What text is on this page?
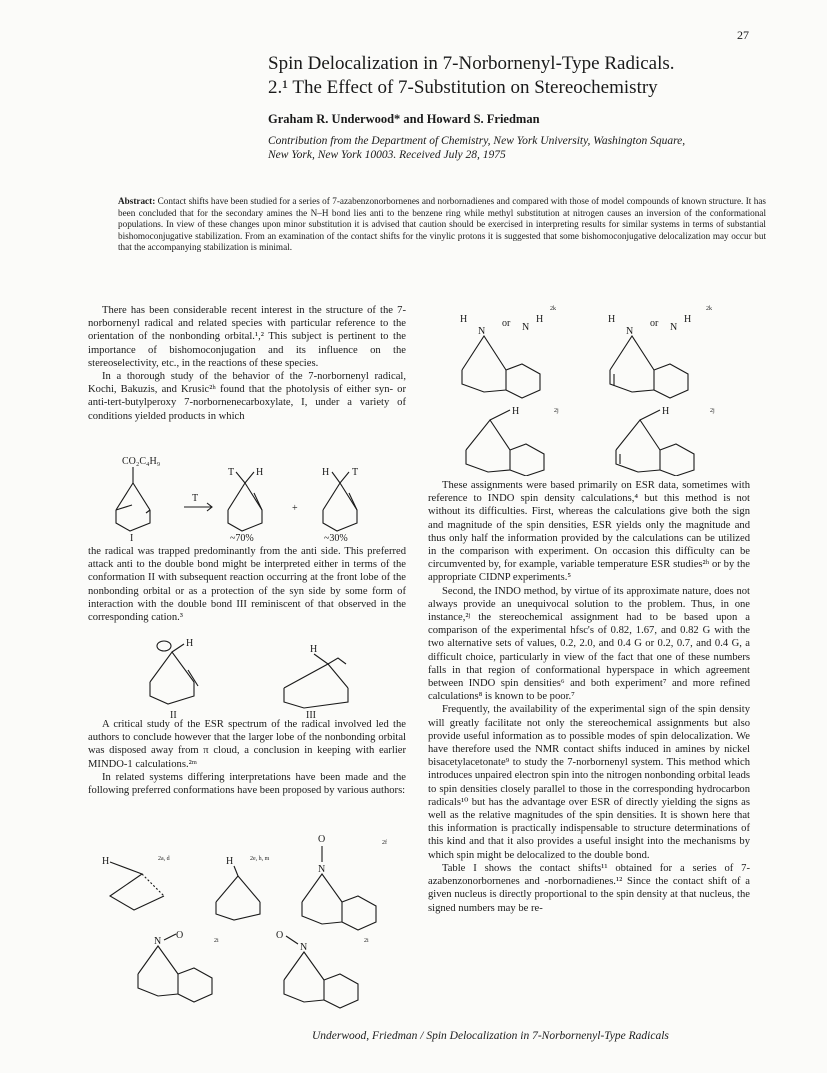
27

Spin Delocalization in 7-Norbornenyl-Type Radicals.

2.¹ The Effect of 7-Substitution on Stereochemistry

Graham R. Underwood* and Howard S. Friedman
Contribution from the Department of Chemistry, New York University, Washington Square,
New York, New York 10003. Received July 28, 1975
Abstract: Contact shifts have been studied for a series of 7-azabenzonorbornenes and norbornadienes and compared with those of model compounds of known structure. It has been concluded that for the secondary amines the N–H bond lies anti to the benzene ring while methyl substitution at nitrogen causes an inversion of the conformational populations. In view of these changes upon minor substitution it is advised that caution should be exercised in interpreting results for similar systems in terms of substantial bishomoconjugative stabilization. From an examination of the contact shifts for the vinylic protons it is suggested that some bishomoconjugative delocalization may occur but that the accompanying stabilization is minimal.

There has been considerable recent interest in the structure of the 7-norbornenyl radical and related species with particular reference to the orientation of the nonbonding orbital.¹,² This subject is pertinent to the importance of bishomoconjugation and its influence on the stereoselectivity, etc., in the reactions of these species.

In a thorough study of the behavior of the 7-norbornenyl radical, Kochi, Bakuzis, and Krusic²ʰ found that the photolysis of either syn- or anti-tert-butylperoxy 7-norbornenecarboxylate, I, under a variety of conditions yielded products in which

CO₂C₄H₉
I
T
T H
~70%
+
H T
~30%

the radical was trapped predominantly from the anti side. This preferred attack anti to the double bond might be interpreted either in terms of the conformation II with subsequent reaction occurring at the front lobe of the nonbonding orbital or as a protection of the syn side by some form of interaction with the double bond III reminiscent of that observed in the corresponding cation.³

H
II
H
III

A critical study of the ESR spectrum of the radical involved led the authors to conclude however that the larger lobe of the nonbonding orbital was disposed away from π cloud, a conclusion in keeping with earlier MINDO-1 calculations.²ᵐ

In related systems differing interpretations have been made and the following preferred conformations have been proposed by various authors:

H	2a, d	H	2e, h, m
O	2f
N
N
O	2i	O
N
2i
H
N
or N
H
2k
H
N
or N
H
2k
H	2j	H	2j

These assignments were based primarily on ESR data, sometimes with reference to INDO spin density calculations,⁴ but this method is not without its difficulties. First, whereas the calculations give both the sign and magnitude of the spin densities, ESR yields only the magnitude and thus only half the information provided by the calculations can be utilized in the comparison with experiment. On occasion this difficulty can be circumvented by, for example, variable temperature ESR studies²ʰ or by the appropriate CIDNP experiments.⁵

Second, the INDO method, by virtue of its approximate nature, does not always provide an unequivocal solution to the problem. Thus, in one instance,²ʲ the stereochemical assignment had to be based upon a comparison of the experimental hfsc's of 0.82, 1.67, and 0.82 G with the two alternative sets of values, 0.2, 2.0, and 0.4 G or 0.2, 0.7, and 0.4 G, a difficult choice, particularly in view of the fact that one of these numbers falls in that region of conformational hyperspace in which agreement between INDO spin densities⁶ and both experiment⁷ and more refined calculations⁸ is known to be poor.⁷

Frequently, the availability of the experimental sign of the spin density will greatly facilitate not only the stereochemical assignments but also provide useful information as to possible modes of spin delocalization. We have therefore used the NMR contact shifts induced in amines by nickel bisacetylacetonate⁹ to study the 7-norbornenyl system. This method which introduces unpaired electron spin into the nitrogen nonbonding orbital leads to spin densities closely parallel to those in the corresponding hydrocarbon radicals¹⁰ but has the advantage over ESR of directly yielding the signs as well as the relative magnitudes of the spin densities. It is shown here that this information is practically indispensable to structure determinations of this kind and that it also provides a useful insight into the mechanisms by which spin might be delocalized to the double bond.

Table I shows the contact shifts¹¹ obtained for a series of 7-azabenzonorbornenes and -norbornadienes.¹² Since the contact shift of a given nucleus is directly proportional to the spin density at that nucleus, the signed numbers may be re-

Underwood, Friedman / Spin Delocalization in 7-Norbornenyl-Type Radicals
